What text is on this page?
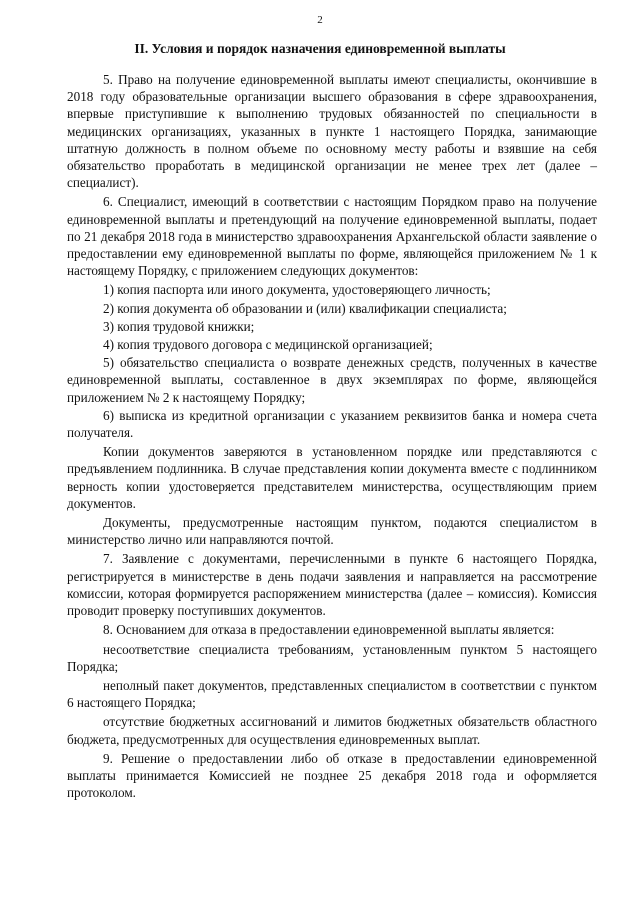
2
II. Условия и порядок назначения единовременной выплаты

5. Право на получение единовременной выплаты имеют специалисты, окончившие в 2018 году образовательные организации высшего образования в сфере здравоохранения, впервые приступившие к выполнению трудовых обязанностей по специальности в медицинских организациях, указанных в пункте 1 настоящего Порядка, занимающие штатную должность в полном объеме по основному месту работы и взявшие на себя обязательство проработать в медицинской организации не менее трех лет (далее – специалист).

6. Специалист, имеющий в соответствии с настоящим Порядком право на получение единовременной выплаты и претендующий на получение единовременной выплаты, подает по 21 декабря 2018 года в министерство здравоохранения Архангельской области заявление о предоставлении ему единовременной выплаты по форме, являющейся приложением № 1 к настоящему Порядку, с приложением следующих документов:

1) копия паспорта или иного документа, удостоверяющего личность;

2) копия документа об образовании и (или) квалификации специалиста;

3) копия трудовой книжки;

4) копия трудового договора с медицинской организацией;

5) обязательство специалиста о возврате денежных средств, полученных в качестве единовременной выплаты, составленное в двух экземплярах по форме, являющейся приложением № 2 к настоящему Порядку;

6) выписка из кредитной организации с указанием реквизитов банка и номера счета получателя.

Копии документов заверяются в установленном порядке или представляются с предъявлением подлинника. В случае представления копии документа вместе с подлинником верность копии удостоверяется представителем министерства, осуществляющим прием документов.

Документы, предусмотренные настоящим пунктом, подаются специалистом в министерство лично или направляются почтой.

7. Заявление с документами, перечисленными в пункте 6 настоящего Порядка, регистрируется в министерстве в день подачи заявления и направляется на рассмотрение комиссии, которая формируется распоряжением министерства (далее – комиссия). Комиссия проводит проверку поступивших документов.

8. Основанием для отказа в предоставлении единовременной выплаты является:

несоответствие специалиста требованиям, установленным пунктом 5 настоящего Порядка;

неполный пакет документов, представленных специалистом в соответствии с пунктом 6 настоящего Порядка;

отсутствие бюджетных ассигнований и лимитов бюджетных обязательств областного бюджета, предусмотренных для осуществления единовременных выплат.

9. Решение о предоставлении либо об отказе в предоставлении единовременной выплаты принимается Комиссией не позднее 25 декабря 2018 года и оформляется протоколом.
